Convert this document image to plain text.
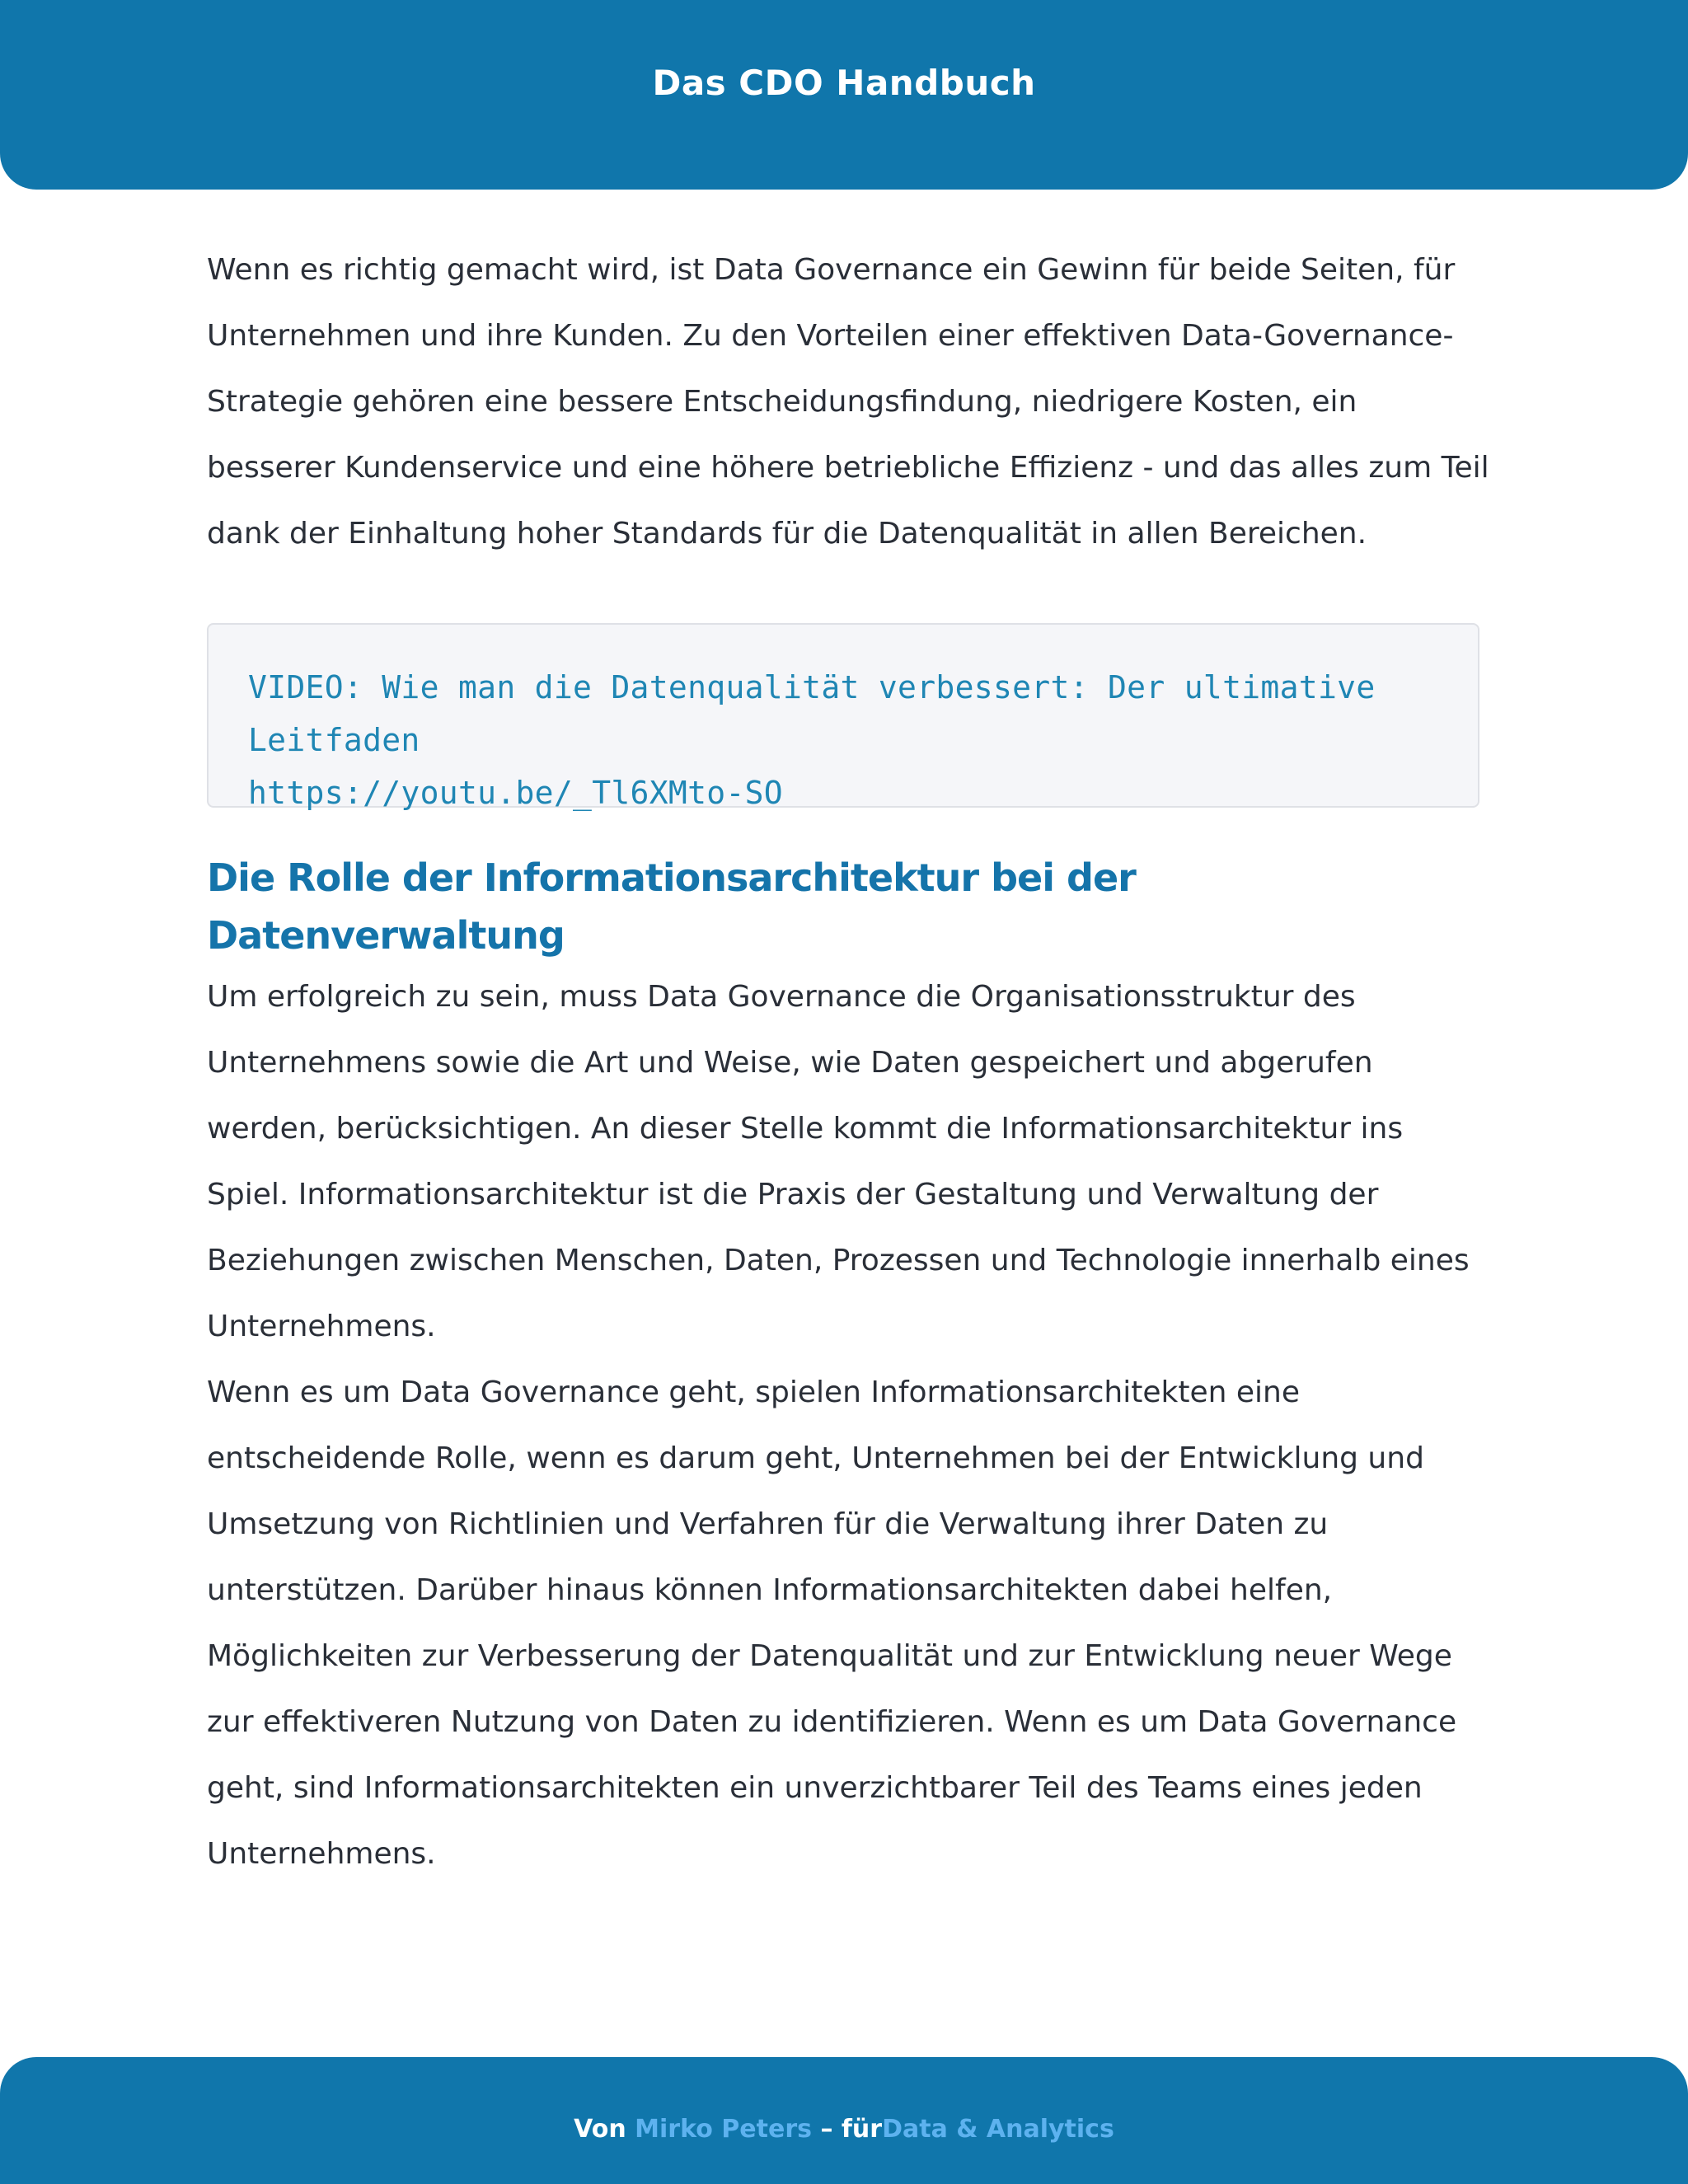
Das CDO Handbuch

Wenn es richtig gemacht wird, ist Data Governance ein Gewinn für beide Seiten, für Unternehmen und ihre Kunden. Zu den Vorteilen einer effektiven Data-Governance-Strategie gehören eine bessere Entscheidungsfindung, niedrigere Kosten, ein besserer Kundenservice und eine höhere betriebliche Effizienz - und das alles zum Teil dank der Einhaltung hoher Standards für die Datenqualität in allen Bereichen.

VIDEO: Wie man die Datenqualität verbessert: Der ultimative Leitfaden
https://youtu.be/_Tl6XMto-SO
Die Rolle der Informationsarchitektur bei der Datenverwaltung

Um erfolgreich zu sein, muss Data Governance die Organisationsstruktur des Unternehmens sowie die Art und Weise, wie Daten gespeichert und abgerufen werden, berücksichtigen. An dieser Stelle kommt die Informationsarchitektur ins Spiel. Informationsarchitektur ist die Praxis der Gestaltung und Verwaltung der Beziehungen zwischen Menschen, Daten, Prozessen und Technologie innerhalb eines Unternehmens.

Wenn es um Data Governance geht, spielen Informationsarchitekten eine entscheidende Rolle, wenn es darum geht, Unternehmen bei der Entwicklung und Umsetzung von Richtlinien und Verfahren für die Verwaltung ihrer Daten zu unterstützen. Darüber hinaus können Informationsarchitekten dabei helfen, Möglichkeiten zur Verbesserung der Datenqualität und zur Entwicklung neuer Wege zur effektiveren Nutzung von Daten zu identifizieren. Wenn es um Data Governance geht, sind Informationsarchitekten ein unverzichtbarer Teil des Teams eines jeden Unternehmens.

Von Mirko Peters – fürData & Analytics
